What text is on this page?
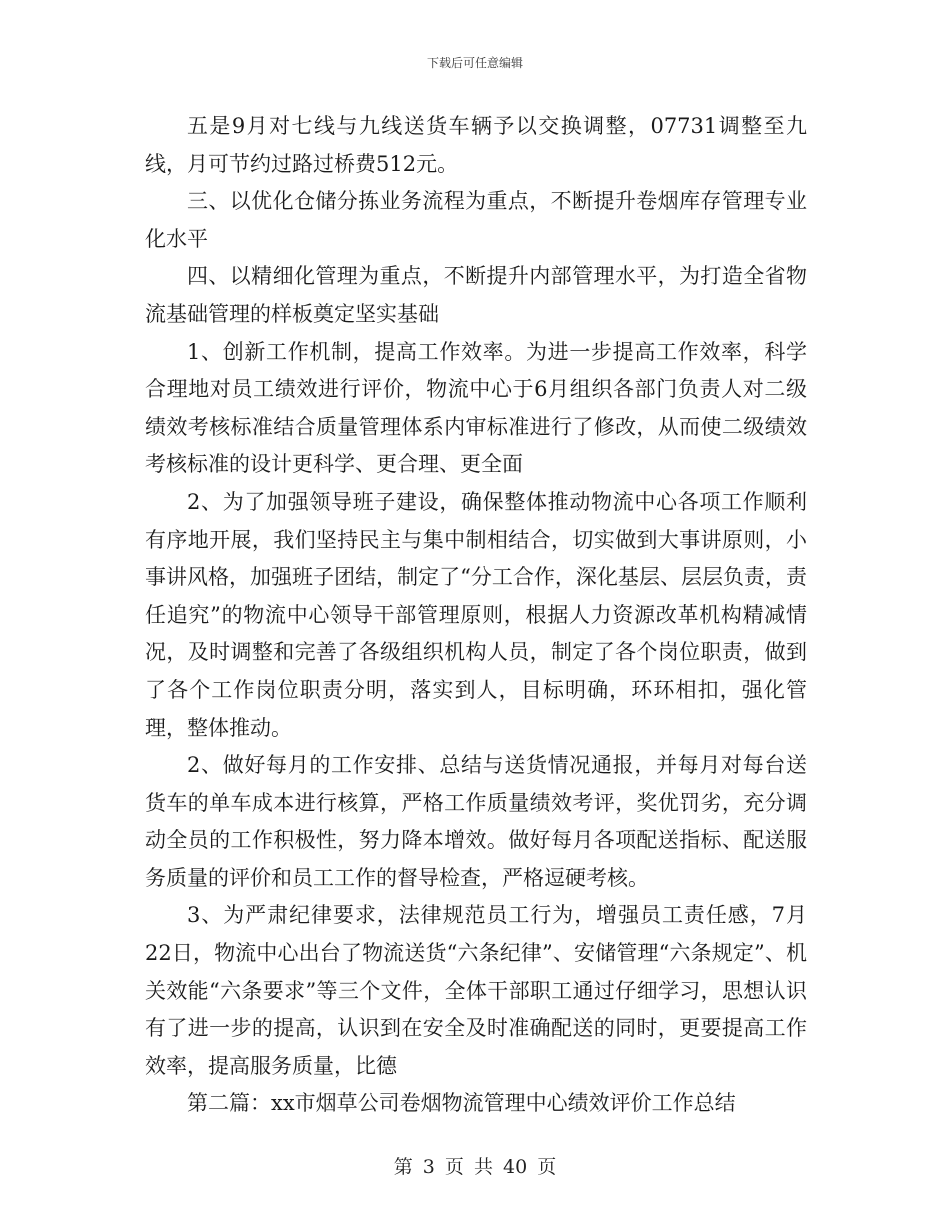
下载后可任意编辑

五是9月对七线与九线送货车辆予以交换调整，07731调整至九线，月可节约过路过桥费512元。

三、以优化仓储分拣业务流程为重点，不断提升卷烟库存管理专业化水平

四、以精细化管理为重点，不断提升内部管理水平，为打造全省物流基础管理的样板奠定坚实基础

1、创新工作机制，提高工作效率。为进一步提高工作效率，科学合理地对员工绩效进行评价，物流中心于6月组织各部门负责人对二级绩效考核标准结合质量管理体系内审标准进行了修改，从而使二级绩效考核标准的设计更科学、更合理、更全面

2、为了加强领导班子建设，确保整体推动物流中心各项工作顺利有序地开展，我们坚持民主与集中制相结合，切实做到大事讲原则，小事讲风格，加强班子团结，制定了“分工合作，深化基层、层层负责，责任追究”的物流中心领导干部管理原则，根据人力资源改革机构精减情况，及时调整和完善了各级组织机构人员，制定了各个岗位职责，做到了各个工作岗位职责分明，落实到人，目标明确，环环相扣，强化管理，整体推动。

2、做好每月的工作安排、总结与送货情况通报，并每月对每台送货车的单车成本进行核算，严格工作质量绩效考评，奖优罚劣，充分调动全员的工作积极性，努力降本增效。做好每月各项配送指标、配送服务质量的评价和员工工作的督导检查，严格逗硬考核。

3、为严肃纪律要求，法律规范员工行为，增强员工责任感，7月22日，物流中心出台了物流送货“六条纪律”、安储管理“六条规定”、机关效能“六条要求”等三个文件，全体干部职工通过仔细学习，思想认识有了进一步的提高，认识到在安全及时准确配送的同时，更要提高工作效率，提高服务质量，比德

第二篇：xx市烟草公司卷烟物流管理中心绩效评价工作总结

第 3 页 共 40 页
